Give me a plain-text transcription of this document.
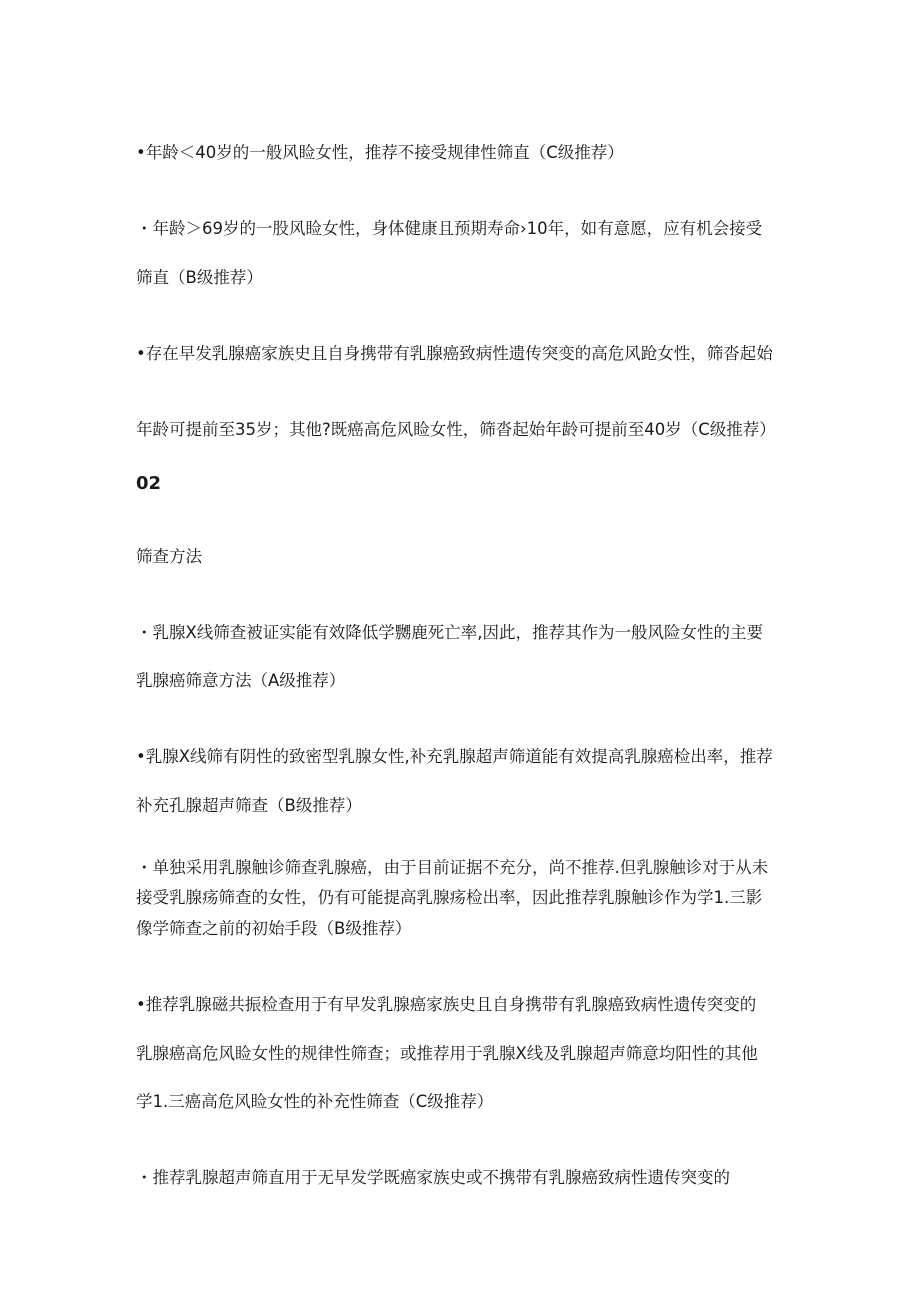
•年龄＜40岁的一般风睑女性，推荐不接受规律性筛直（C级推荐）
・年龄＞69岁的一股风睑女性，身体健康且预期寿命›10年，如有意愿，应有机会接受
筛直（B级推荐）
•存在早发乳腺癌家族史且自身携带有乳腺癌致病性遗传突变的高危风跄女性，筛沓起始
年龄可提前至35岁；其他?既癌高危风睑女性，筛沓起始年龄可提前至40岁（C级推荐）
02
筛查方法
・乳腺X线筛查被证实能有效降低学嬲鹿死亡率,因此，推荐其作为一般风险女性的主要
乳腺癌筛意方法（A级推荐）
•乳腺X线筛有阴性的致密型乳腺女性,补充乳腺超声筛道能有效提高乳腺癌检出率，推荐
补充孔腺超声筛查（B级推荐）
・单独采用乳腺触诊筛查乳腺癌，由于目前证据不充分，尚不推荐.但乳腺触诊对于从未
接受乳腺疡筛查的女性，仍有可能提高乳腺疡检出率，因此推荐乳腺触诊作为学1.三影
像学筛查之前的初始手段（B级推荐）
•推荐乳腺磁共振检查用于有早发乳腺癌家族史且自身携带有乳腺癌致病性遗传突变的
乳腺癌高危风睑女性的规律性筛查；或推荐用于乳腺X线及乳腺超声筛意均阳性的其他
学1.三癌高危风睑女性的补充性筛查（C级推荐）
・推荐乳腺超声筛直用于无早发学既癌家族史或不携带有乳腺癌致病性遗传突变的
